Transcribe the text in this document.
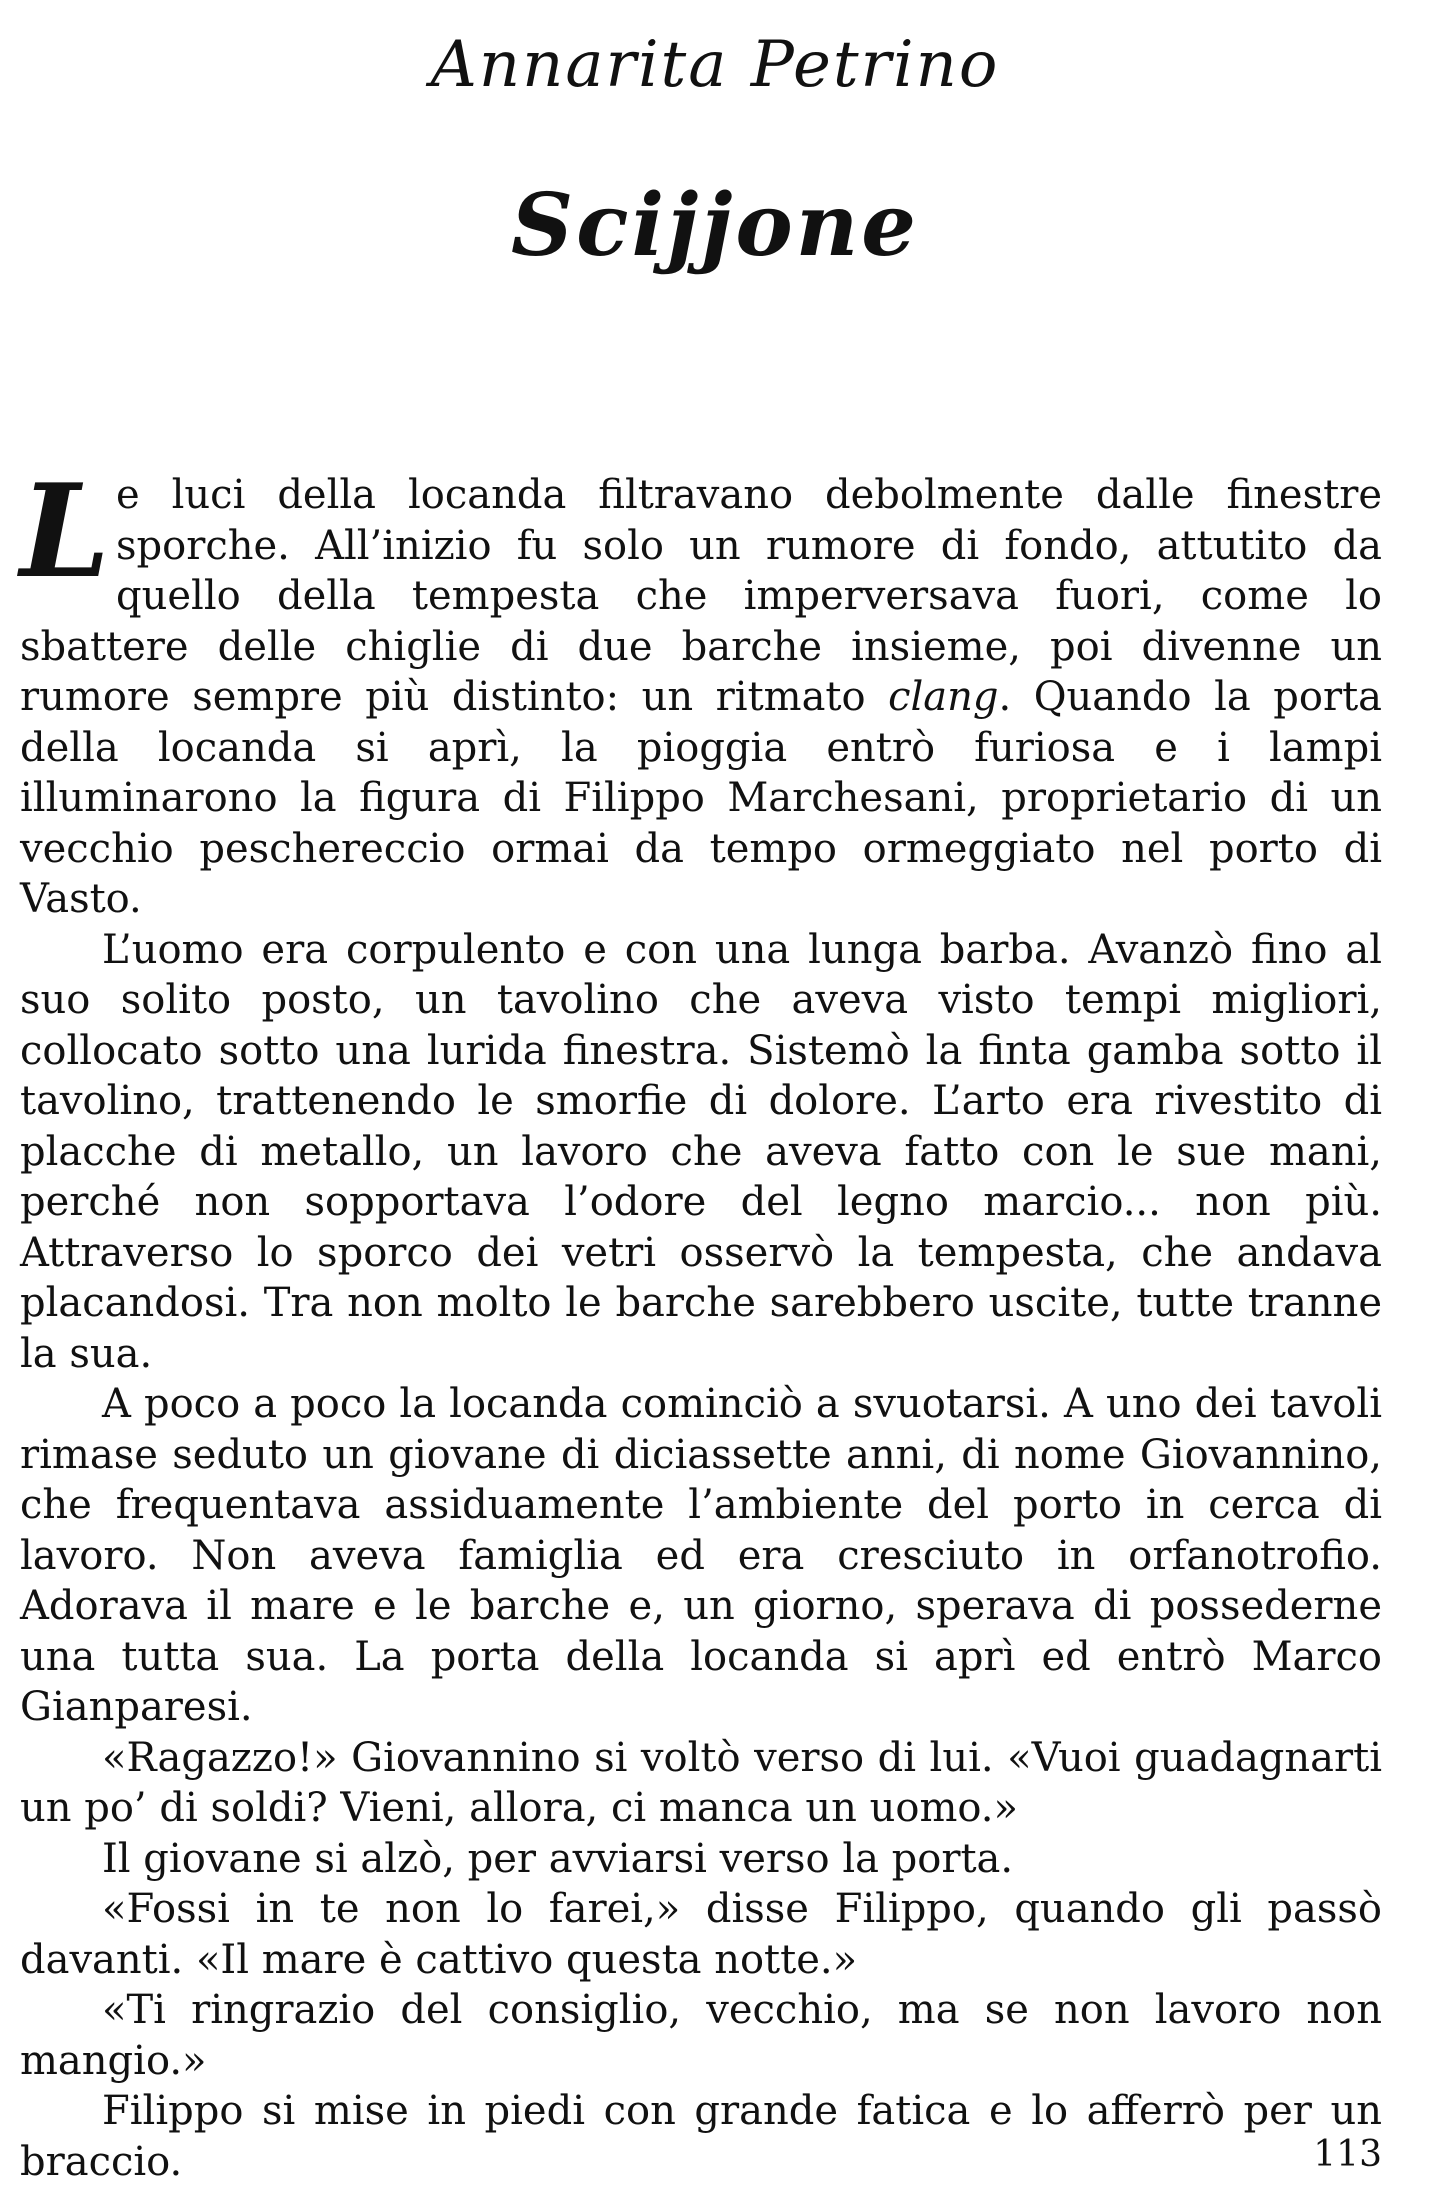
Annarita Petrino
Scijjone

Le luci della locanda filtravano debolmente dalle finestre sporche. All’inizio fu solo un rumore di fondo, attutito da quello della tempesta che imperversava fuori, come lo sbattere delle chiglie di due barche insieme, poi divenne un rumore sempre più distinto: un ritmato clang. Quando la porta della locanda si aprì, la pioggia entrò furiosa e i lampi illuminarono la figura di Filippo Marchesani, proprietario di un vecchio peschereccio ormai da tempo ormeggiato nel porto di Vasto.

L’uomo era corpulento e con una lunga barba. Avanzò fino al suo solito posto, un tavolino che aveva visto tempi migliori, collocato sotto una lurida finestra. Sistemò la finta gamba sotto il tavolino, trattenendo le smorfie di dolore. L’arto era rivestito di placche di metallo, un lavoro che aveva fatto con le sue mani, perché non sopportava l’odore del legno marcio... non più. Attraverso lo sporco dei vetri osservò la tempesta, che andava placandosi. Tra non molto le barche sarebbero uscite, tutte tranne la sua.

A poco a poco la locanda cominciò a svuotarsi. A uno dei tavoli rimase seduto un giovane di diciassette anni, di nome Giovannino, che frequentava assiduamente l’ambiente del porto in cerca di lavoro. Non aveva famiglia ed era cresciuto in orfanotrofio. Adorava il mare e le barche e, un giorno, sperava di possederne una tutta sua. La porta della locanda si aprì ed entrò Marco Gianparesi.

«Ragazzo!» Giovannino si voltò verso di lui. «Vuoi guadagnarti un po’ di soldi? Vieni, allora, ci manca un uomo.»

Il giovane si alzò, per avviarsi verso la porta.

«Fossi in te non lo farei,» disse Filippo, quando gli passò davanti. «Il mare è cattivo questa notte.»

«Ti ringrazio del consiglio, vecchio, ma se non lavoro non mangio.»

Filippo si mise in piedi con grande fatica e lo afferrò per un braccio.	113
